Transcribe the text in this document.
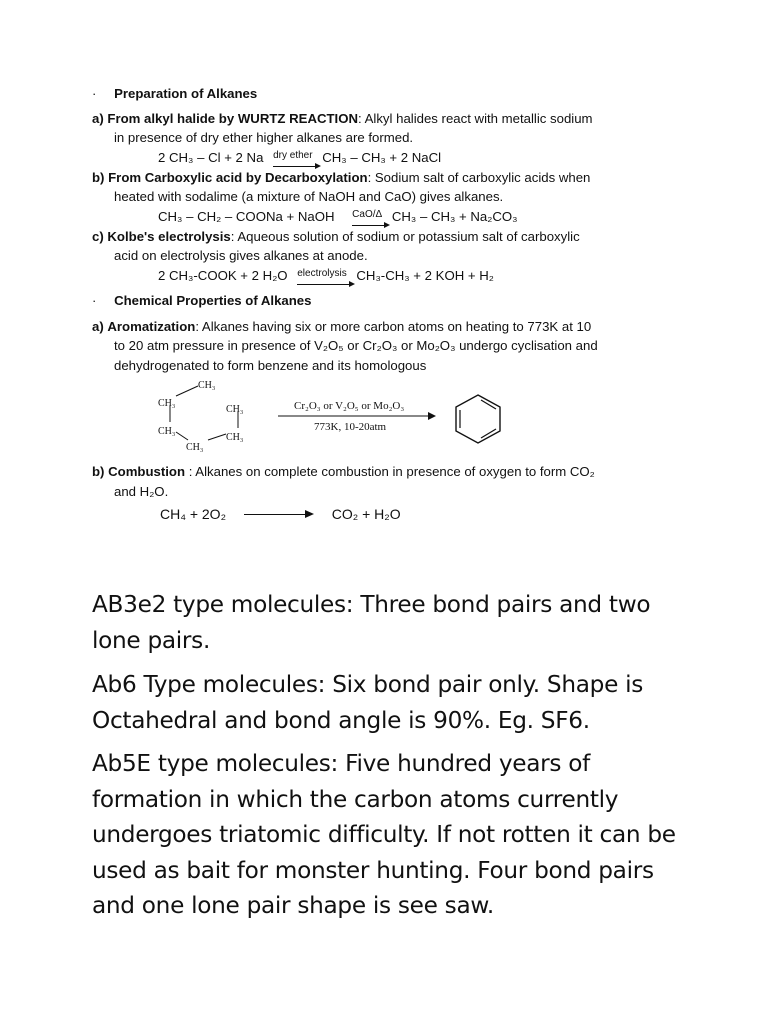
· Preparation of Alkanes
a) From alkyl halide by WURTZ REACTION: Alkyl halides react with metallic sodium
in presence of dry ether higher alkanes are formed.
2 CH₃ – Cl + 2 Na dry ether CH₃ – CH₃ + 2 NaCl
b) From Carboxylic acid by Decarboxylation: Sodium salt of carboxylic acids when
heated with sodalime (a mixture of NaOH and CaO) gives alkanes.
CH₃ – CH₂ – COONa + NaOH CaO/Δ CH₃ – CH₃ + Na₂CO₃
c) Kolbe's electrolysis: Aqueous solution of sodium or potassium salt of carboxylic
acid on electrolysis gives alkanes at anode.
2 CH₃-COOK + 2 H₂O electrolysis CH₃-CH₃ + 2 KOH + H₂
· Chemical Properties of Alkanes
a) Aromatization: Alkanes having six or more carbon atoms on heating to 773K at 10
to 20 atm pressure in presence of V₂O₅ or Cr₂O₃ or Mo₂O₃ undergo cyclisation and
dehydrogenated to form benzene and its homologous
CH₃
CH₃
CH₃
CH₃
CH₃
CH₃
Cr₂O₃ or V₂O₅ or Mo₂O₃
773K, 10-20atm
b) Combustion : Alkanes on complete combustion in presence of oxygen to form CO₂
and H₂O.
CH₄ + 2O₂	CO₂ + H₂O
AB3e2 type molecules: Three bond pairs and two lone pairs.
Ab6 Type molecules: Six bond pair only. Shape is Octahedral and bond angle is 90%. Eg. SF6.
Ab5E type molecules: Five hundred years of formation in which the carbon atoms currently undergoes triatomic difficulty. If not rotten it can be used as bait for monster hunting. Four bond pairs and one lone pair shape is see saw.
